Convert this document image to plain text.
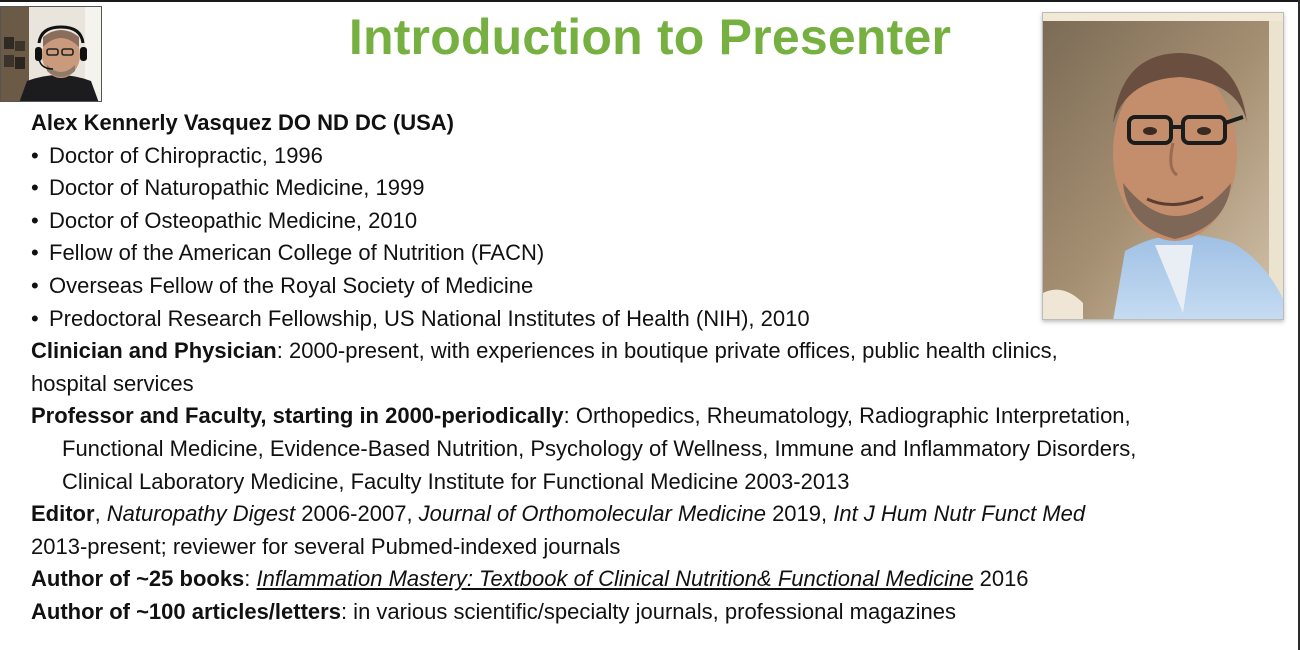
Introduction to Presenter
Alex Kennerly Vasquez DO ND DC (USA)
• Doctor of Chiropractic, 1996
• Doctor of Naturopathic Medicine, 1999
• Doctor of Osteopathic Medicine, 2010
• Fellow of the American College of Nutrition (FACN)
• Overseas Fellow of the Royal Society of Medicine
• Predoctoral Research Fellowship, US National Institutes of Health (NIH), 2010
Clinician and Physician: 2000-present, with experiences in boutique private offices, public health clinics,
hospital services
Professor and Faculty, starting in 2000-periodically: Orthopedics, Rheumatology, Radiographic Interpretation,
Functional Medicine, Evidence-Based Nutrition, Psychology of Wellness, Immune and Inflammatory Disorders,
Clinical Laboratory Medicine, Faculty Institute for Functional Medicine 2003-2013
Editor, Naturopathy Digest 2006-2007, Journal of Orthomolecular Medicine 2019, Int J Hum Nutr Funct Med
2013-present; reviewer for several Pubmed-indexed journals
Author of ~25 books: Inflammation Mastery: Textbook of Clinical Nutrition& Functional Medicine 2016
Author of ~100 articles/letters: in various scientific/specialty journals, professional magazines
